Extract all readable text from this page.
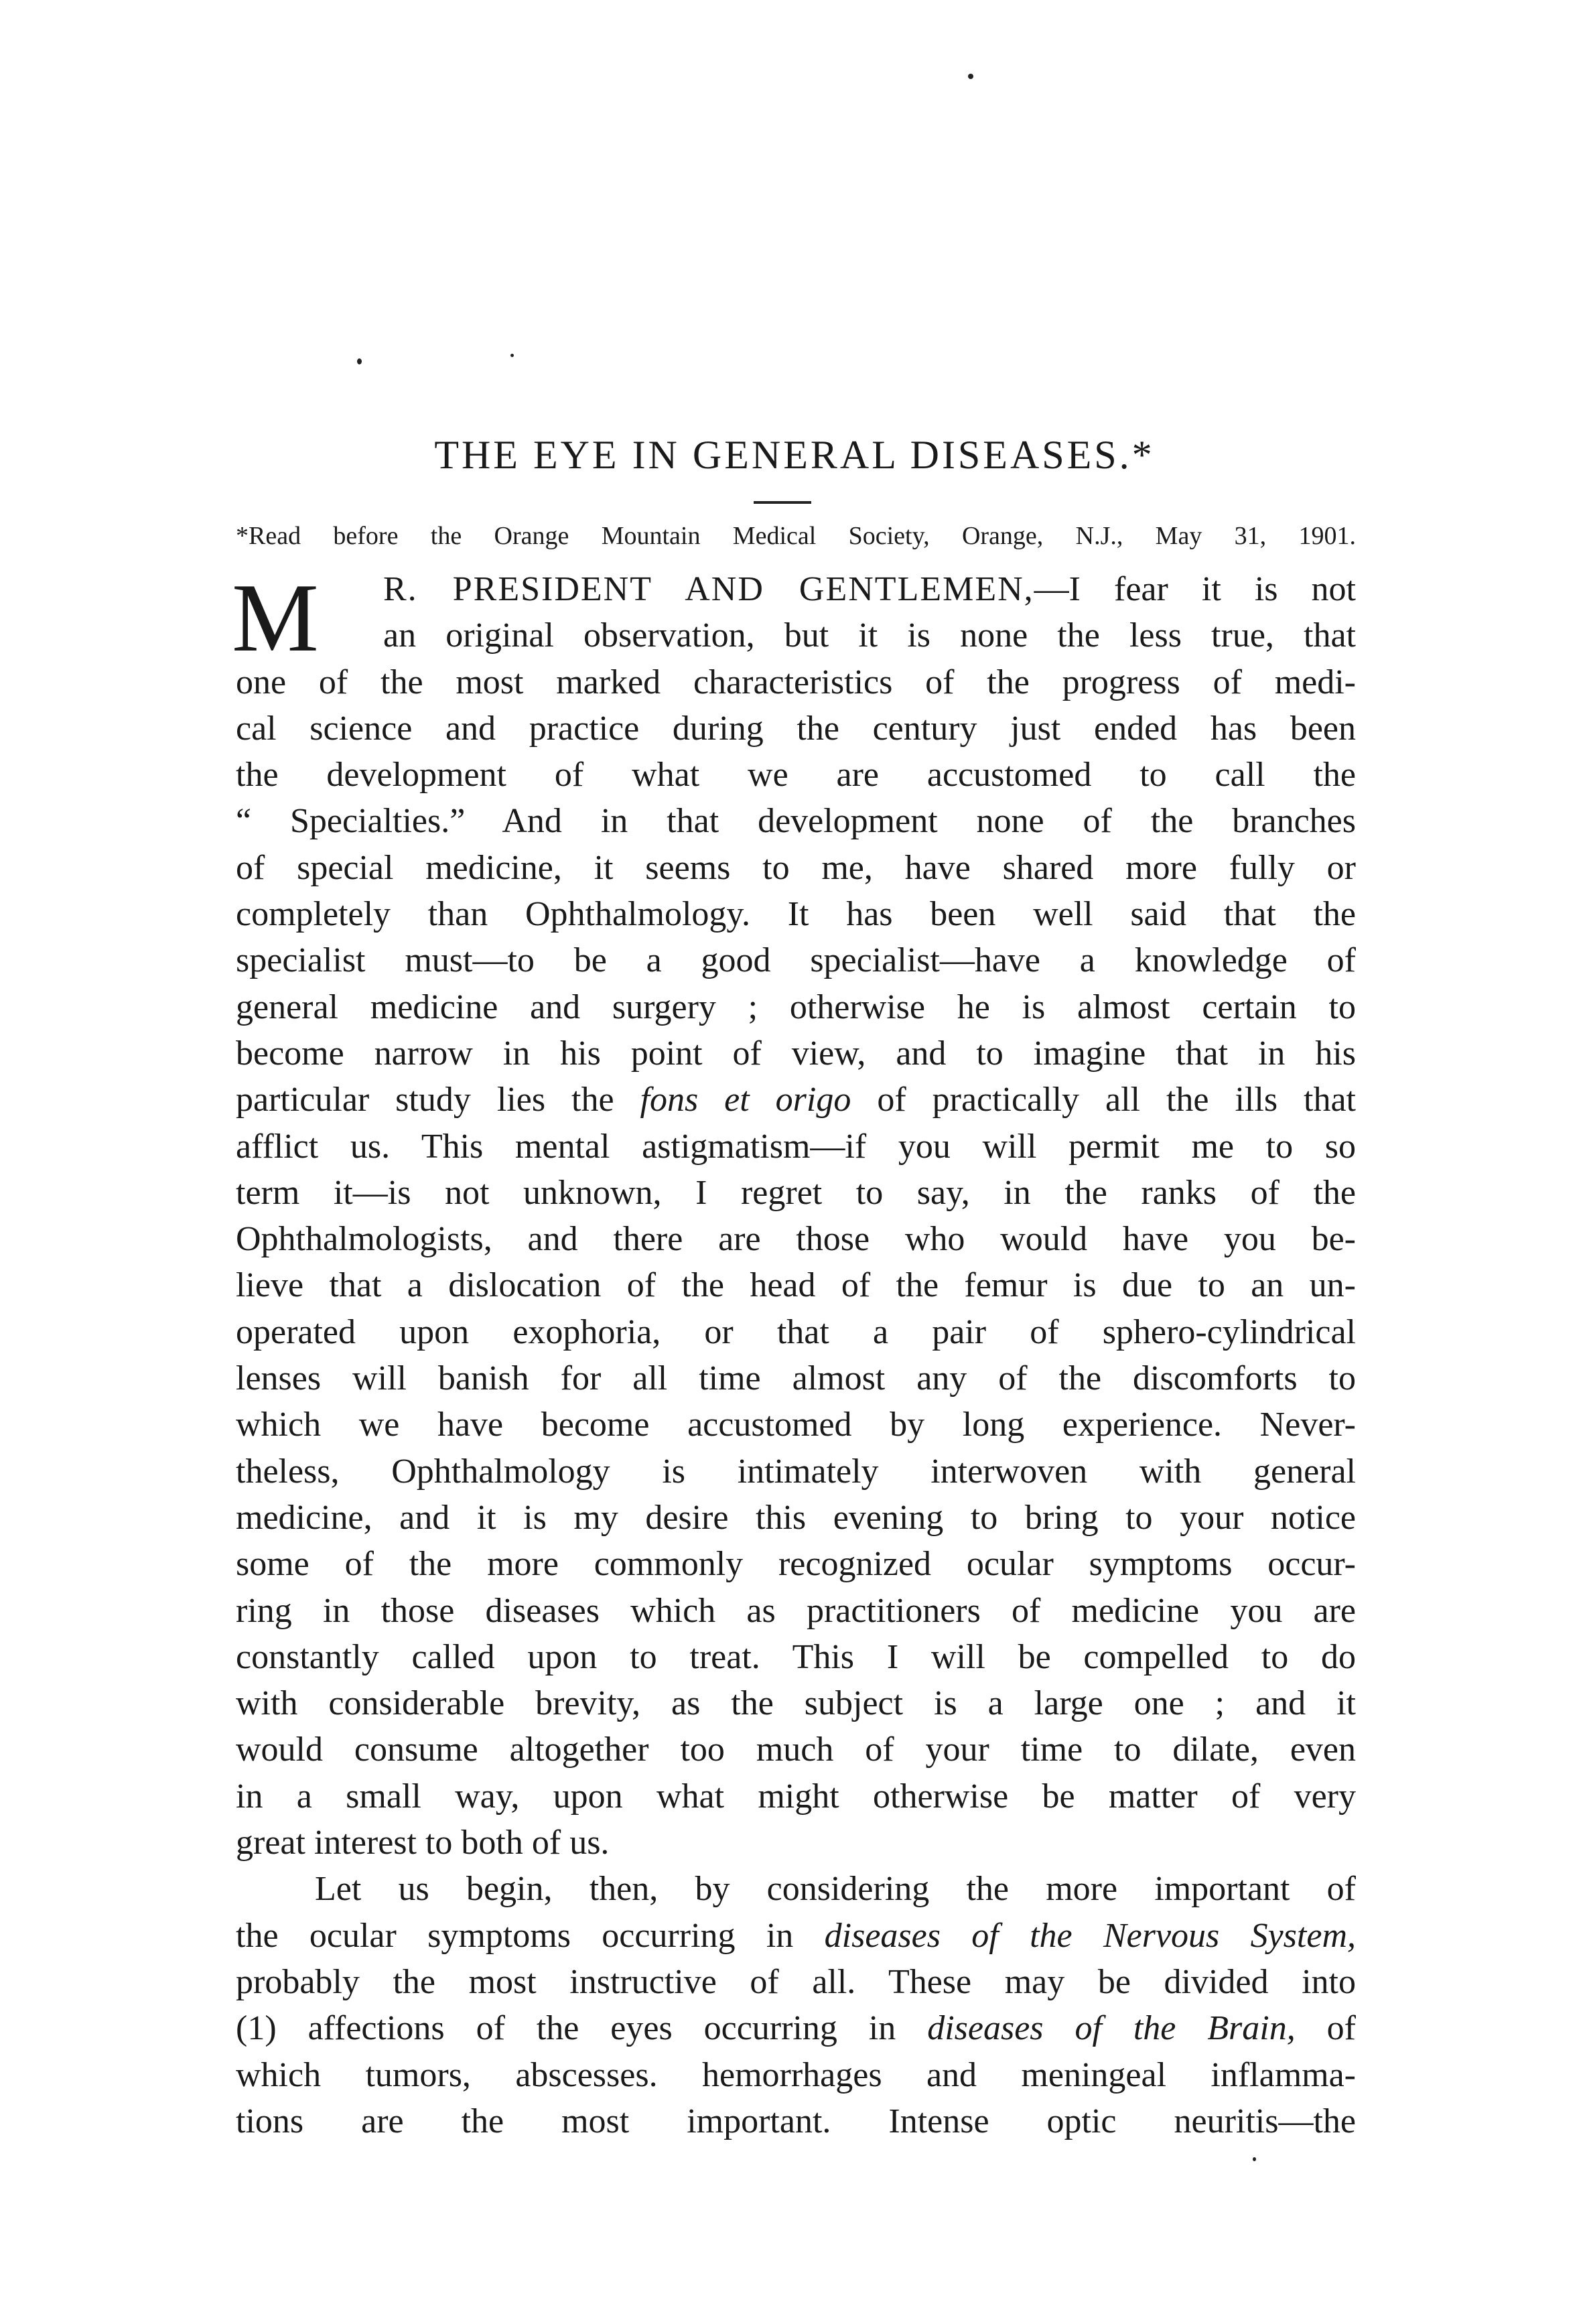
THE EYE IN GENERAL DISEASES.*
*Read before the Orange Mountain Medical Society, Orange, N.J., May 31, 1901.
M	R. PRESIDENT AND GENTLEMEN,—I fear it is not
an original observation, but it is none the less true, that
one of the most marked characteristics of the progress of medi-
cal science and practice during the century just ended has been
the development of what we are accustomed to call the
“ Specialties.” And in that development none of the branches
of special medicine, it seems to me, have shared more fully or
completely than Ophthalmology. It has been well said that the
specialist must—to be a good specialist—have a knowledge of
general medicine and surgery ; otherwise he is almost certain to
become narrow in his point of view, and to imagine that in his
particular study lies the fons et origo of practically all the ills that
afflict us. This mental astigmatism—if you will permit me to so
term it—is not unknown, I regret to say, in the ranks of the
Ophthalmologists, and there are those who would have you be-
lieve that a dislocation of the head of the femur is due to an un-
operated upon exophoria, or that a pair of sphero-cylindrical
lenses will banish for all time almost any of the discomforts to
which we have become accustomed by long experience. Never-
theless, Ophthalmology is intimately interwoven with general
medicine, and it is my desire this evening to bring to your notice
some of the more commonly recognized ocular symptoms occur-
ring in those diseases which as practitioners of medicine you are
constantly called upon to treat. This I will be compelled to do
with considerable brevity, as the subject is a large one ; and it
would consume altogether too much of your time to dilate, even
in a small way, upon what might otherwise be matter of very
great interest to both of us.
Let us begin, then, by considering the more important of
the ocular symptoms occurring in diseases of the Nervous System,
probably the most instructive of all. These may be divided into
(1) affections of the eyes occurring in diseases of the Brain, of
which tumors, abscesses. hemorrhages and meningeal inflamma-
tions are the most important. Intense optic neuritis—the
